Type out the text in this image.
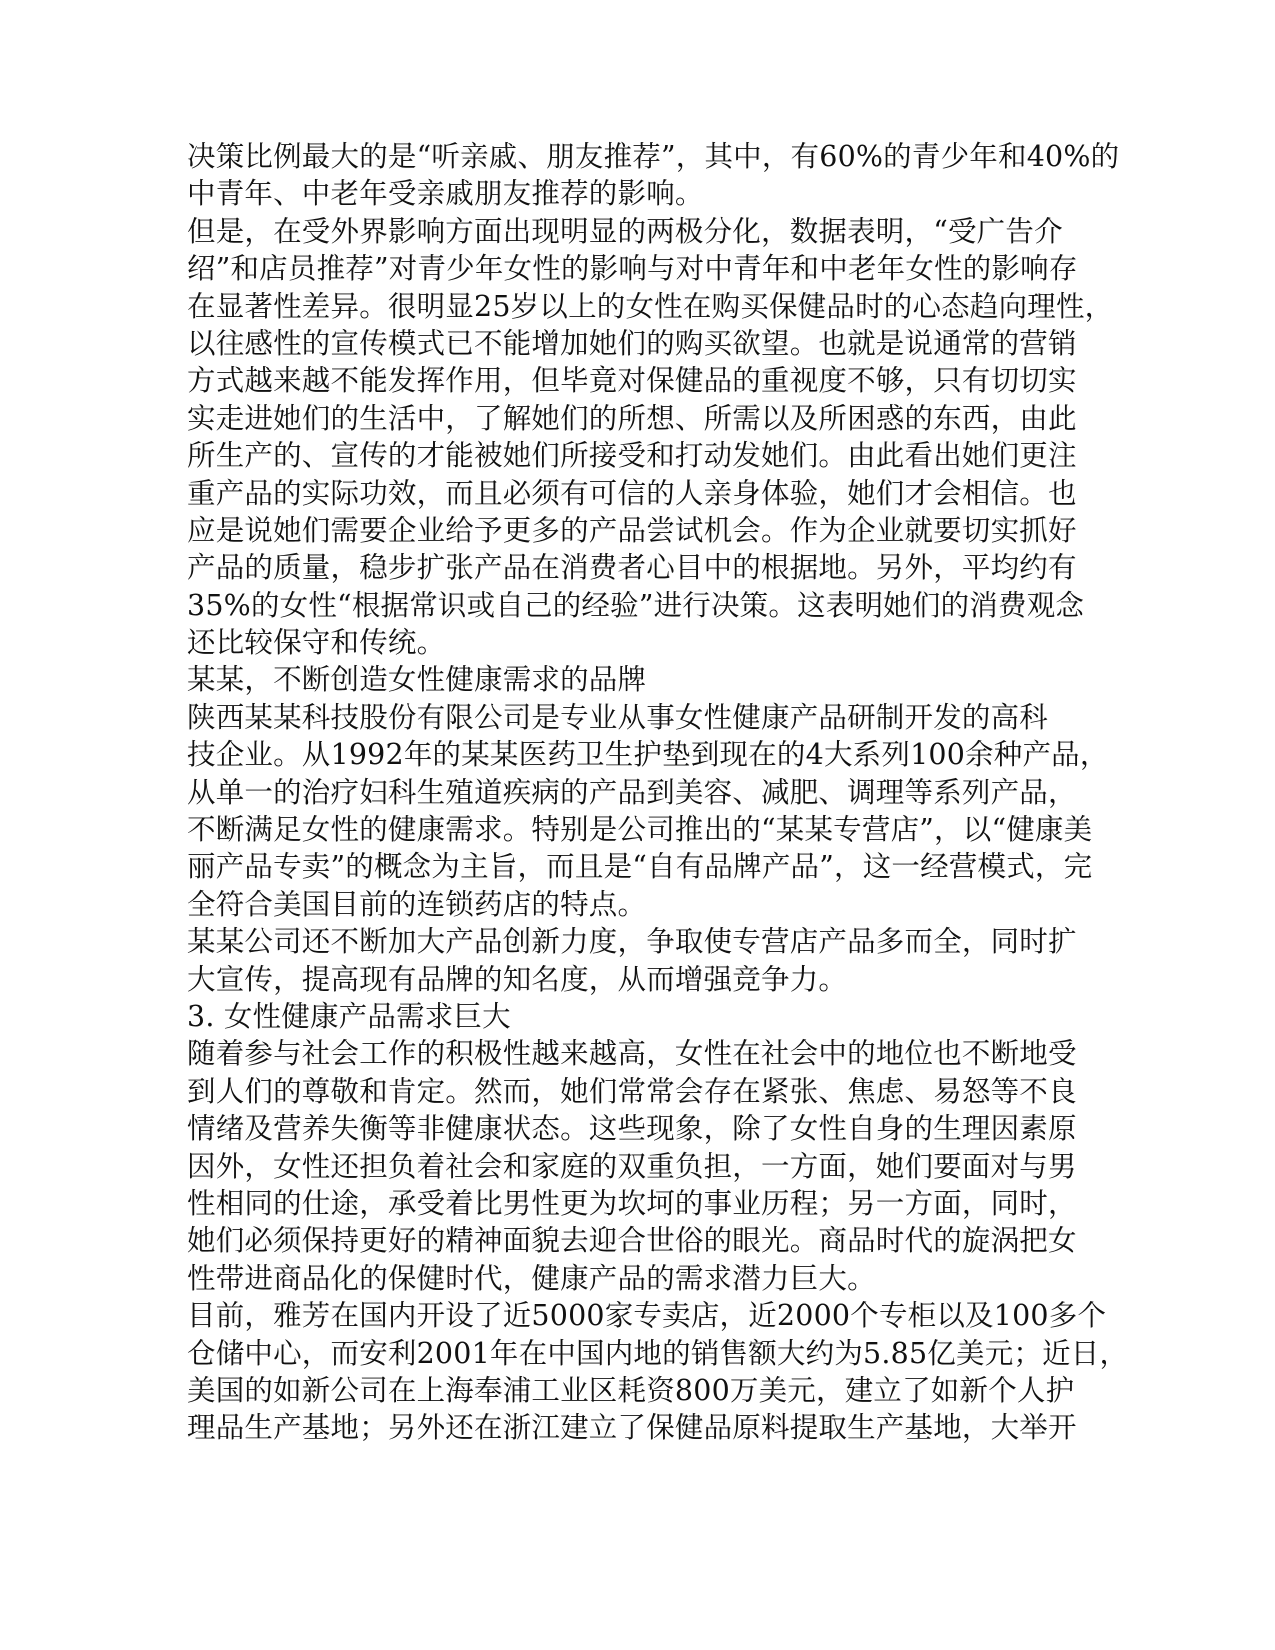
决策比例最大的是“听亲戚、朋友推荐”，其中，有60%的青少年和40%的
中青年、中老年受亲戚朋友推荐的影响。
但是，在受外界影响方面出现明显的两极分化，数据表明，“受广告介
绍”和店员推荐”对青少年女性的影响与对中青年和中老年女性的影响存
在显著性差异。很明显25岁以上的女性在购买保健品时的心态趋向理性，
以往感性的宣传模式已不能增加她们的购买欲望。也就是说通常的营销
方式越来越不能发挥作用，但毕竟对保健品的重视度不够，只有切切实
实走进她们的生活中，了解她们的所想、所需以及所困惑的东西，由此
所生产的、宣传的才能被她们所接受和打动发她们。由此看出她们更注
重产品的实际功效，而且必须有可信的人亲身体验，她们才会相信。也
应是说她们需要企业给予更多的产品尝试机会。作为企业就要切实抓好
产品的质量，稳步扩张产品在消费者心目中的根据地。另外，平均约有
35%的女性“根据常识或自己的经验”进行决策。这表明她们的消费观念
还比较保守和传统。
某某，不断创造女性健康需求的品牌
陕西某某科技股份有限公司是专业从事女性健康产品研制开发的高科
技企业。从1992年的某某医药卫生护垫到现在的4大系列100余种产品，
从单一的治疗妇科生殖道疾病的产品到美容、减肥、调理等系列产品，
不断满足女性的健康需求。特别是公司推出的“某某专营店”，以“健康美
丽产品专卖”的概念为主旨，而且是“自有品牌产品”，这一经营模式，完
全符合美国目前的连锁药店的特点。
某某公司还不断加大产品创新力度，争取使专营店产品多而全，同时扩
大宣传，提高现有品牌的知名度，从而增强竞争力。
3. 女性健康产品需求巨大
随着参与社会工作的积极性越来越高，女性在社会中的地位也不断地受
到人们的尊敬和肯定。然而，她们常常会存在紧张、焦虑、易怒等不良
情绪及营养失衡等非健康状态。这些现象，除了女性自身的生理因素原
因外，女性还担负着社会和家庭的双重负担，一方面，她们要面对与男
性相同的仕途，承受着比男性更为坎坷的事业历程；另一方面，同时，
她们必须保持更好的精神面貌去迎合世俗的眼光。商品时代的旋涡把女
性带进商品化的保健时代，健康产品的需求潜力巨大。
目前，雅芳在国内开设了近5000家专卖店，近2000个专柜以及100多个
仓储中心，而安利2001年在中国内地的销售额大约为5.85亿美元；近日，
美国的如新公司在上海奉浦工业区耗资800万美元，建立了如新个人护
理品生产基地；另外还在浙江建立了保健品原料提取生产基地，大举开
